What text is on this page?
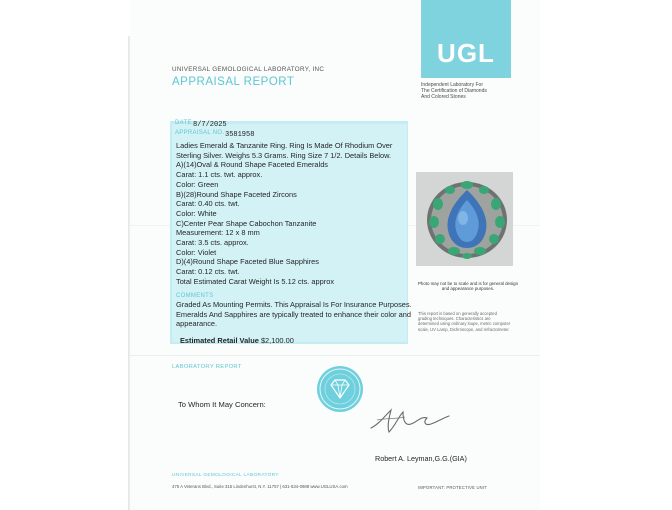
UGL
Independent Laboratory For
The Certification of Diamonds
And Colored Stones
UNIVERSAL GEMOLOGICAL LABORATORY, INC
APPRAISAL REPORT
DATE 8/7/2025
APPRAISAL NO. 3581958
Ladies Emerald & Tanzanite Ring. Ring Is Made Of Rhodium Over Sterling Silver. Weighs 5.3 Grams. Ring Size 7 1/2. Details Below.
A)(14)Oval & Round Shape Faceted Emeralds
Carat: 1.1 cts. twt. approx.
Color: Green
B)(28)Round Shape Faceted Zircons
Carat: 0.40 cts. twt.
Color: White
C)Center Pear Shape Cabochon Tanzanite
Measurement: 12 x 8 mm
Carat: 3.5 cts. approx.
Color: Violet
D)(4)Round Shape Faceted Blue Sapphires
Carat: 0.12 cts. twt.
Total Estimated Carat Weight Is 5.12 cts. approx
COMMENTS
Graded As Mounting Permits. This Appraisal Is For Insurance Purposes. Emeralds And Sapphires are typically treated to enhance their color and appearance.
Estimated Retail Value $2,100.00
Photo may not be to scale and is for general design and appearance purposes.
This report is based on generally accepted grading techniques. Characteristics are determined using ordinary loupe, metric computer scale, UV Lamp, Dichroscope, and refractometer.
LABORATORY REPORT
To Whom It May Concern:
Robert A. Leyman,G.G.(GIA)
UNIVERSAL GEMOLOGICAL LABORATORY
475 A Veterans Blvd., Suite 315 Lindenhurst, N.Y. 11757 | 631-534-0988 www.UGLUSA.com	IMPORTANT: PROTECTIVE UNIT
